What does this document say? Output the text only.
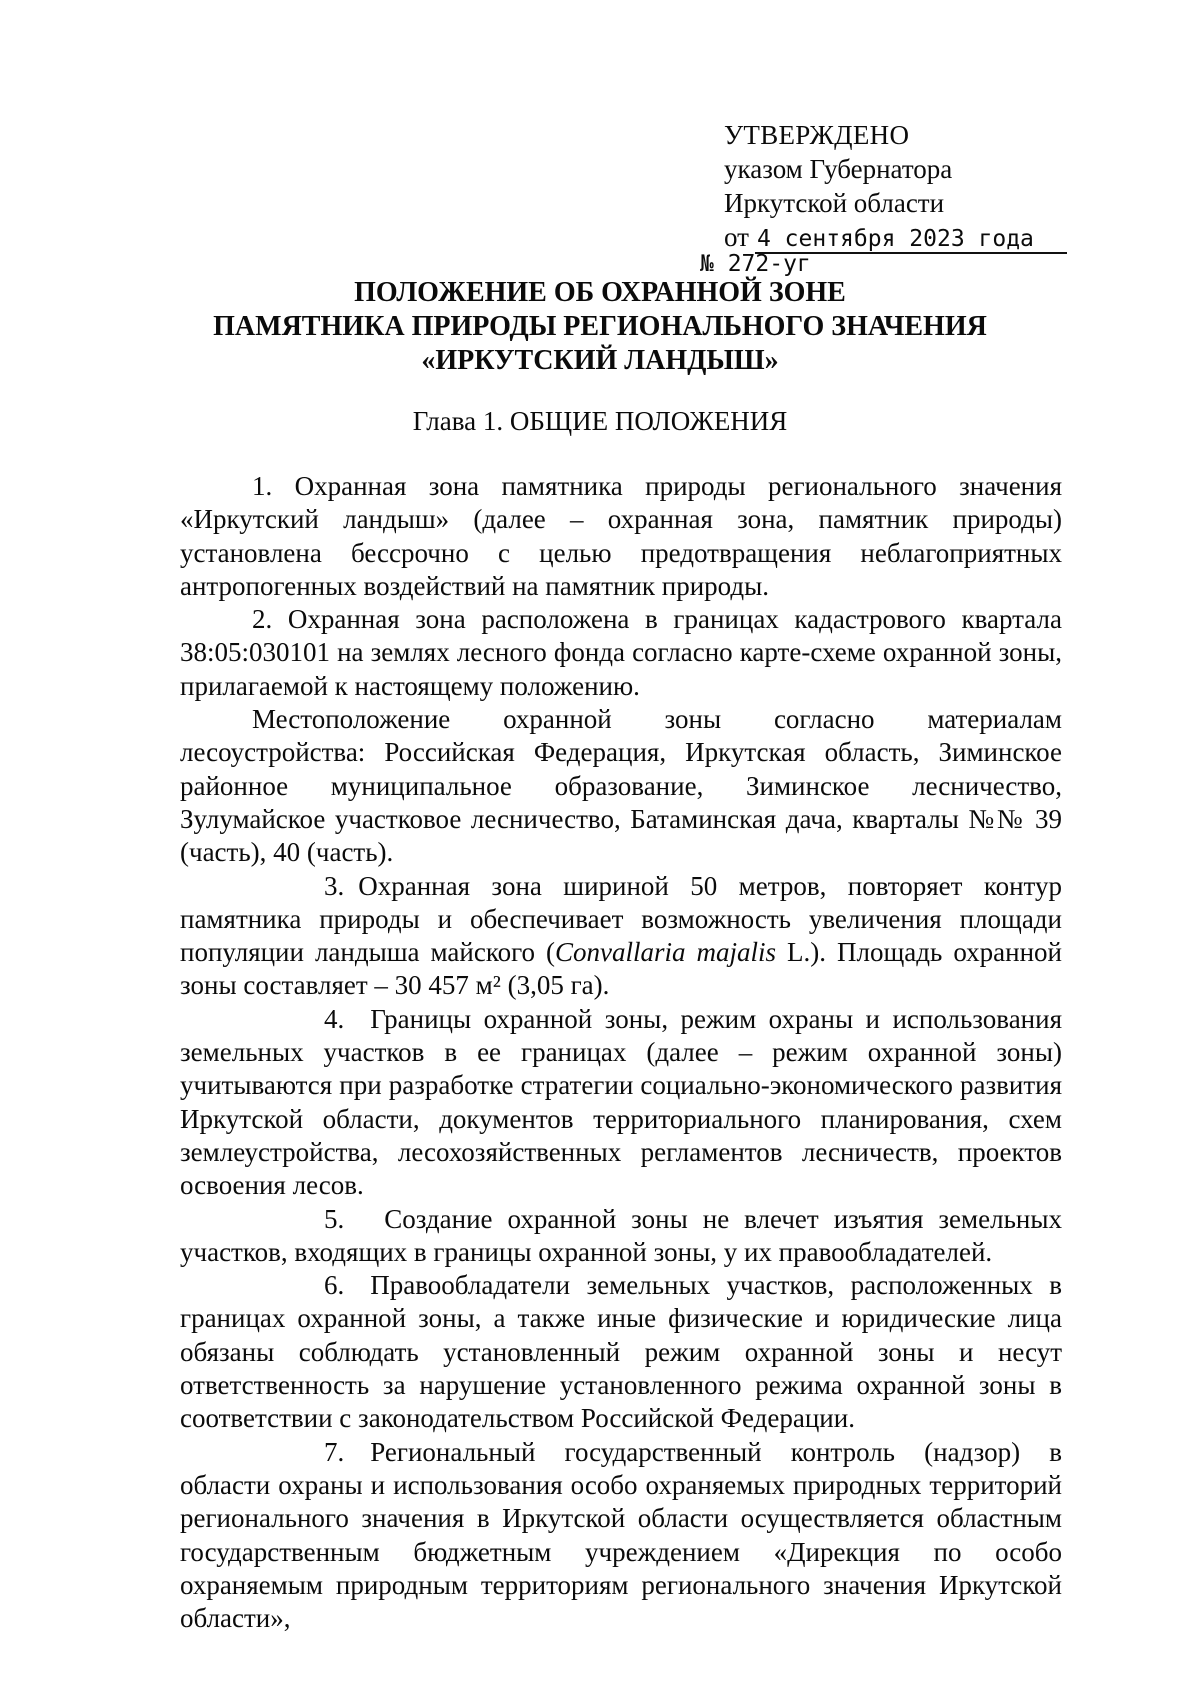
УТВЕРЖДЕНО
указом Губернатора
Иркутской области
от 4 сентября 2023 года
№ 272-уг
ПОЛОЖЕНИЕ ОБ ОХРАННОЙ ЗОНЕ
ПАМЯТНИКА ПРИРОДЫ РЕГИОНАЛЬНОГО ЗНАЧЕНИЯ
«ИРКУТСКИЙ ЛАНДЫШ»
Глава 1. ОБЩИЕ ПОЛОЖЕНИЯ

1. Охранная зона памятника природы регионального значения «Иркутский ландыш» (далее – охранная зона, памятник природы) установлена бессрочно с целью предотвращения неблагоприятных антропогенных воздействий на памятник природы.

2. Охранная зона расположена в границах кадастрового квартала 38:05:030101 на землях лесного фонда согласно карте-схеме охранной зоны, прилагаемой к настоящему положению.

Местоположение охранной зоны согласно материалам лесоустройства: Российская Федерация, Иркутская область, Зиминское районное муниципальное образование, Зиминское лесничество, Зулумайское участковое лесничество, Батаминская дача, кварталы №№ 39 (часть), 40 (часть).

3. Охранная зона шириной 50 метров, повторяет контур памятника природы и обеспечивает возможность увеличения площади популяции ландыша майского (Convallaria majalis L.). Площадь охранной зоны составляет – 30 457 м² (3,05 га).

4. Границы охранной зоны, режим охраны и использования земельных участков в ее границах (далее – режим охранной зоны) учитываются при разработке стратегии социально-экономического развития Иркутской области, документов территориального планирования, схем землеустройства, лесохозяйственных регламентов лесничеств, проектов освоения лесов.

5. Создание охранной зоны не влечет изъятия земельных участков, входящих в границы охранной зоны, у их правообладателей.

6. Правообладатели земельных участков, расположенных в границах охранной зоны, а также иные физические и юридические лица обязаны соблюдать установленный режим охранной зоны и несут ответственность за нарушение установленного режима охранной зоны в соответствии с законодательством Российской Федерации.

7. Региональный государственный контроль (надзор) в области охраны и использования особо охраняемых природных территорий регионального значения в Иркутской области осуществляется областным государственным бюджетным учреждением «Дирекция по особо охраняемым природным территориям регионального значения Иркутской области»,
